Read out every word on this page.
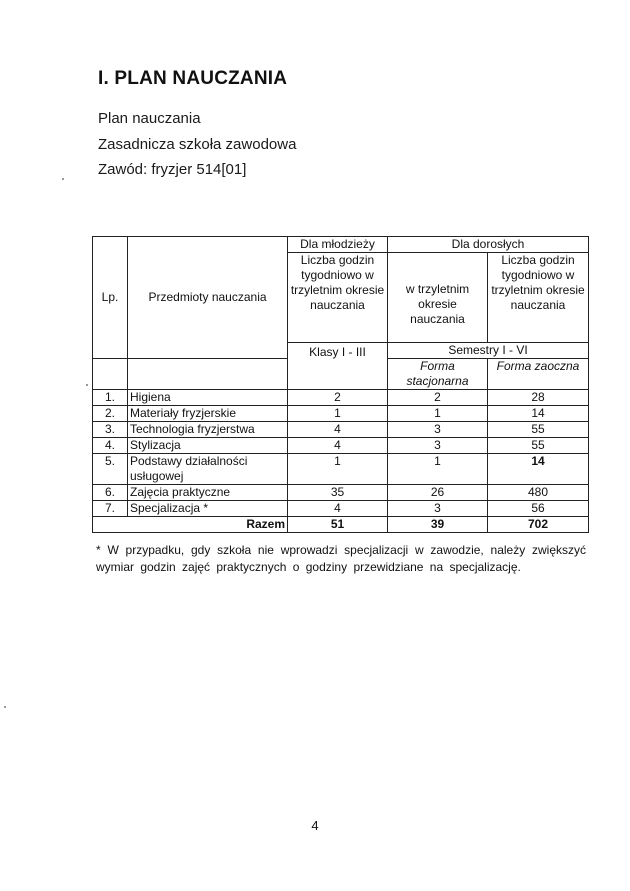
I. PLAN NAUCZANIA
Plan nauczania
Zasadnicza szkoła zawodowa
Zawód: fryzjer 514[01]
Lp.	Przedmioty nauczania	Dla młodzieży	Dla dorosłych	
		Liczba godzin tygodniowo w trzyletnim okresie nauczania	w trzyletnim okresie nauczania	Liczba godzin tygodniowo w trzyletnim okresie nauczania
		Klasy I - III	Semestry I - VI	
			Forma stacjonarna	Forma zaoczna
1.	Higiena	2	2	28
2.	Materiały fryzjerskie	1	1	14
3.	Technologia fryzjerstwa	4	3	55
4.	Stylizacja	4	3	55
5.	Podstawy działalności usługowej	1	1	14
6.	Zajęcia praktyczne	35	26	480
7.	Specjalizacja *	4	3	56
Razem		51	39	702
* W przypadku, gdy szkoła nie wprowadzi specjalizacji w zawodzie, należy zwiększyć wymiar godzin zajęć praktycznych o godziny przewidziane na specjalizację.
4
